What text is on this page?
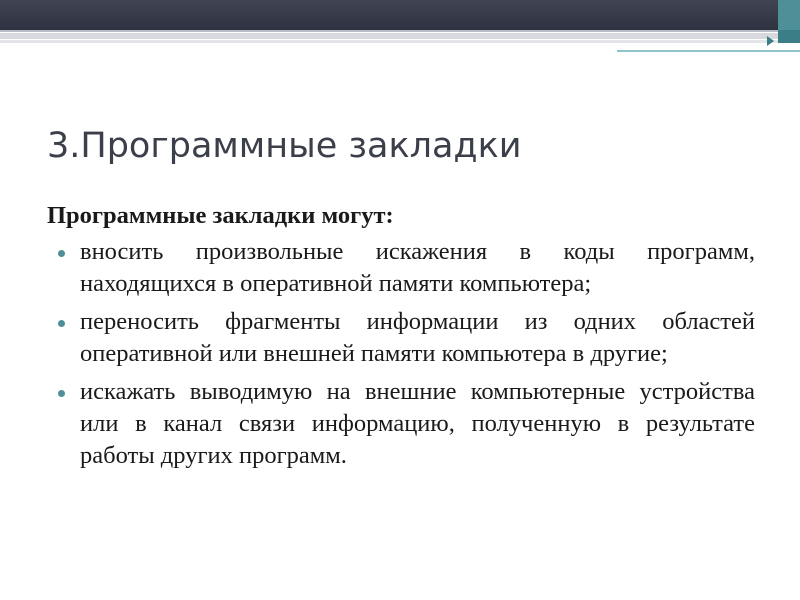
3.Программные закладки

Программные закладки могут:

вносить произвольные искажения в коды программ, находящихся в оперативной памяти компьютера;
переносить фрагменты информации из одних областей оперативной или внешней памяти компьютера в другие;
искажать выводимую на внешние компьютерные устройства или в канал связи информацию, полученную в результате работы других программ.
